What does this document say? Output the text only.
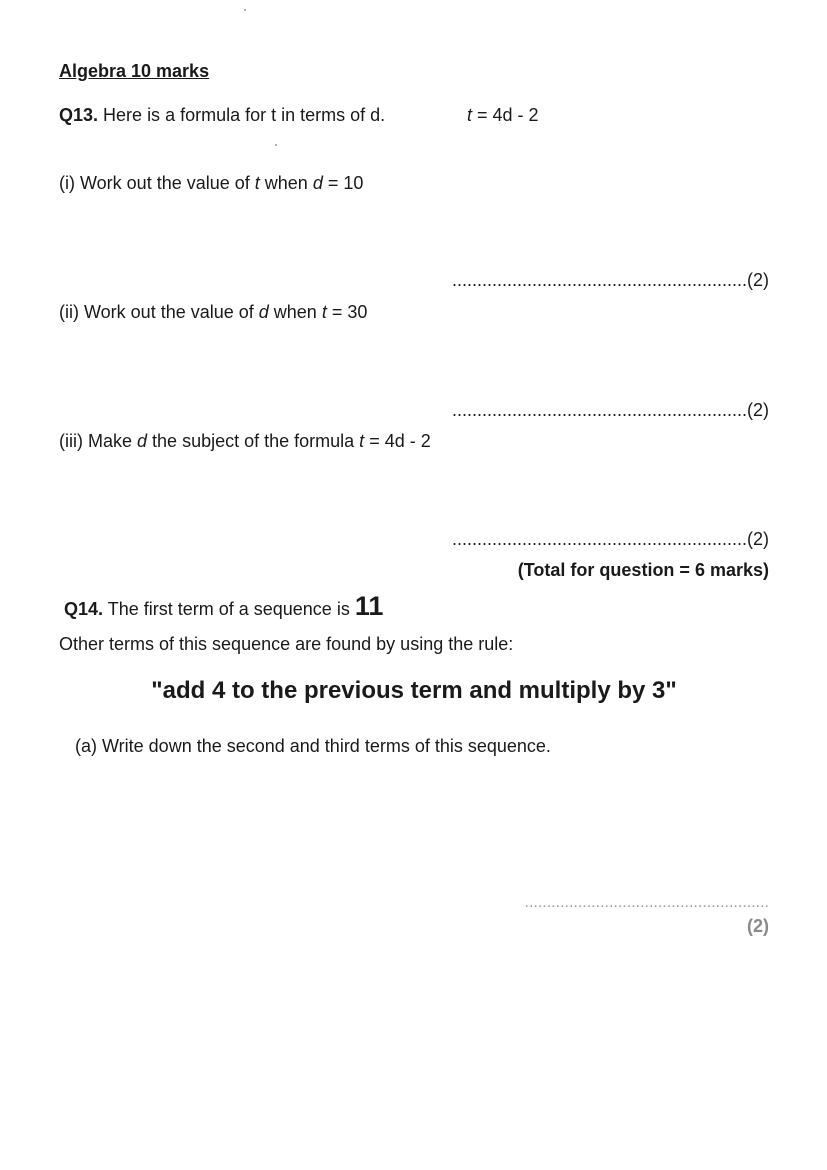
Algebra 10 marks
Q13. Here is a formula for t in terms of d.	t = 4d - 2
(i) Work out the value of t when d = 10
...........................................................(2)
(ii) Work out the value of d when t = 30
...........................................................(2)
(iii) Make d the subject of the formula t = 4d - 2
...........................................................(2)
(Total for question = 6 marks)
Q14. The first term of a sequence is 11
Other terms of this sequence are found by using the rule:
"add 4 to the previous term and multiply by 3"
(a) Write down the second and third terms of this sequence.
.......................................................
(2)
